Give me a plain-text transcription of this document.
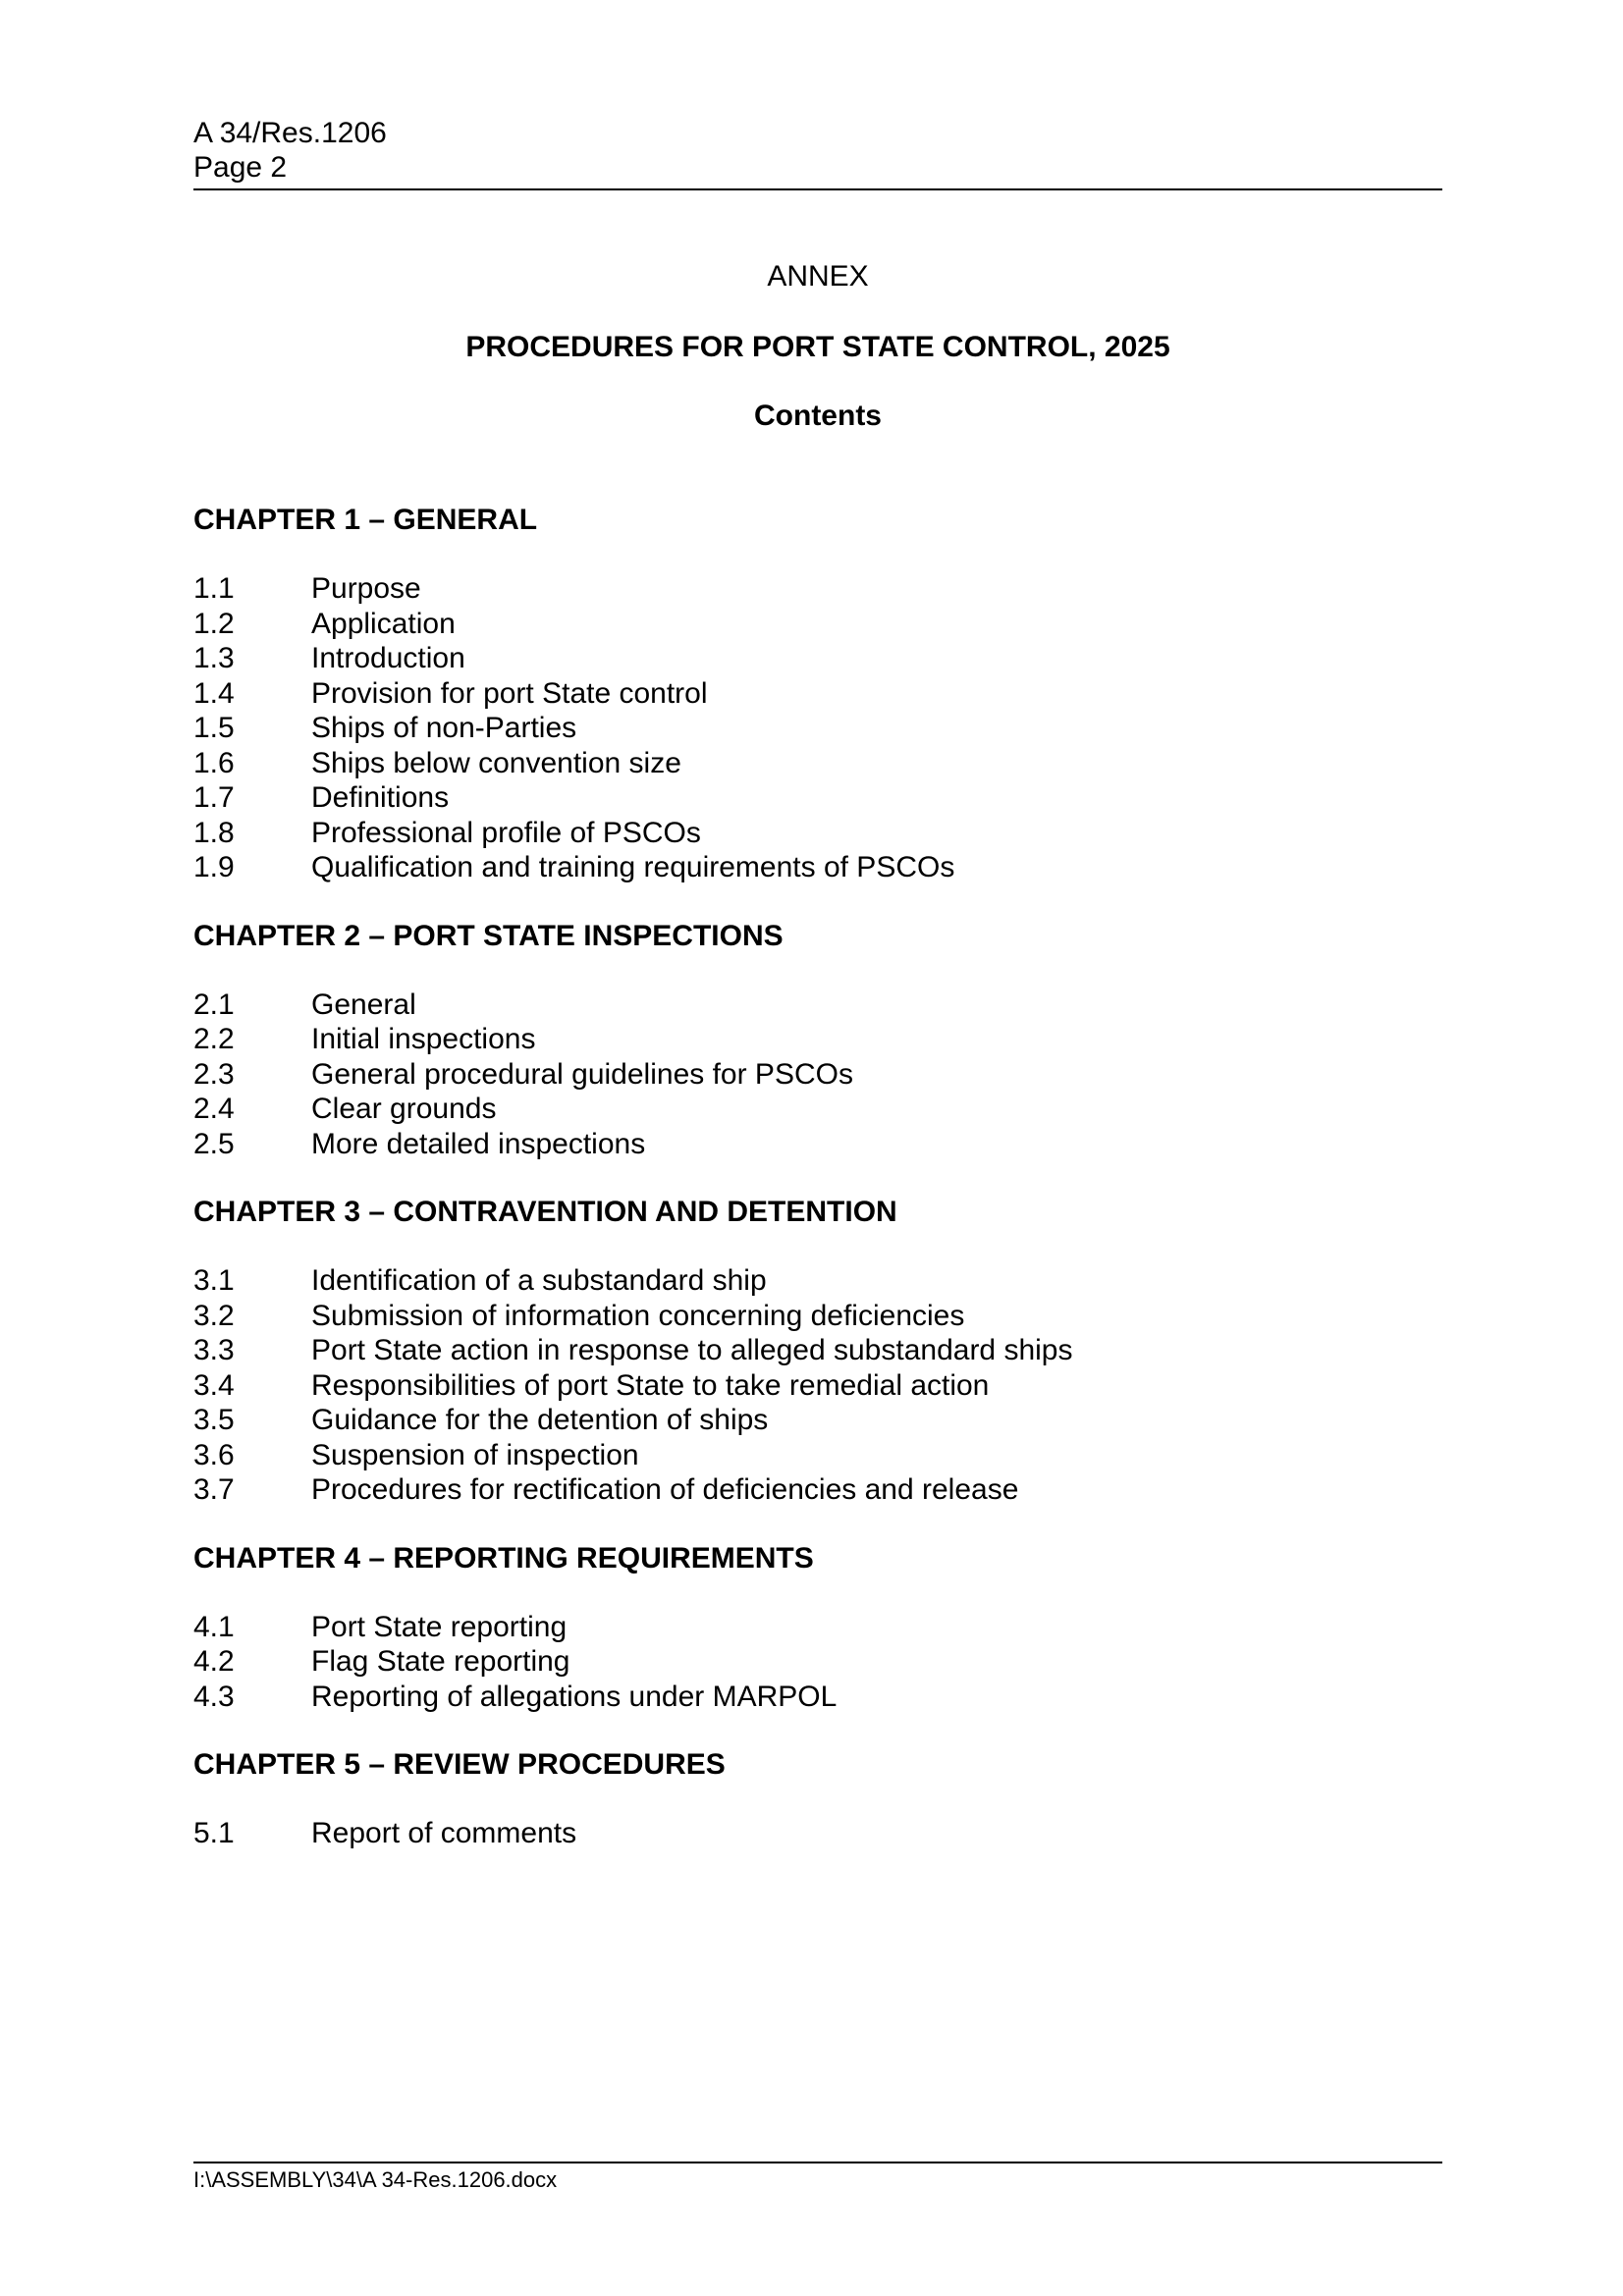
A 34/Res.1206
Page 2
ANNEX
PROCEDURES FOR PORT STATE CONTROL, 2025
Contents
CHAPTER 1 – GENERAL
1.1	Purpose
1.2	Application
1.3	Introduction
1.4	Provision for port State control
1.5	Ships of non-Parties
1.6	Ships below convention size
1.7	Definitions
1.8	Professional profile of PSCOs
1.9	Qualification and training requirements of PSCOs
CHAPTER 2 – PORT STATE INSPECTIONS
2.1	General
2.2	Initial inspections
2.3	General procedural guidelines for PSCOs
2.4	Clear grounds
2.5	More detailed inspections
CHAPTER 3 – CONTRAVENTION AND DETENTION
3.1	Identification of a substandard ship
3.2	Submission of information concerning deficiencies
3.3	Port State action in response to alleged substandard ships
3.4	Responsibilities of port State to take remedial action
3.5	Guidance for the detention of ships
3.6	Suspension of inspection
3.7	Procedures for rectification of deficiencies and release
CHAPTER 4 – REPORTING REQUIREMENTS
4.1	Port State reporting
4.2	Flag State reporting
4.3	Reporting of allegations under MARPOL
CHAPTER 5 – REVIEW PROCEDURES
5.1	Report of comments
I:\ASSEMBLY\34\A 34-Res.1206.docx
